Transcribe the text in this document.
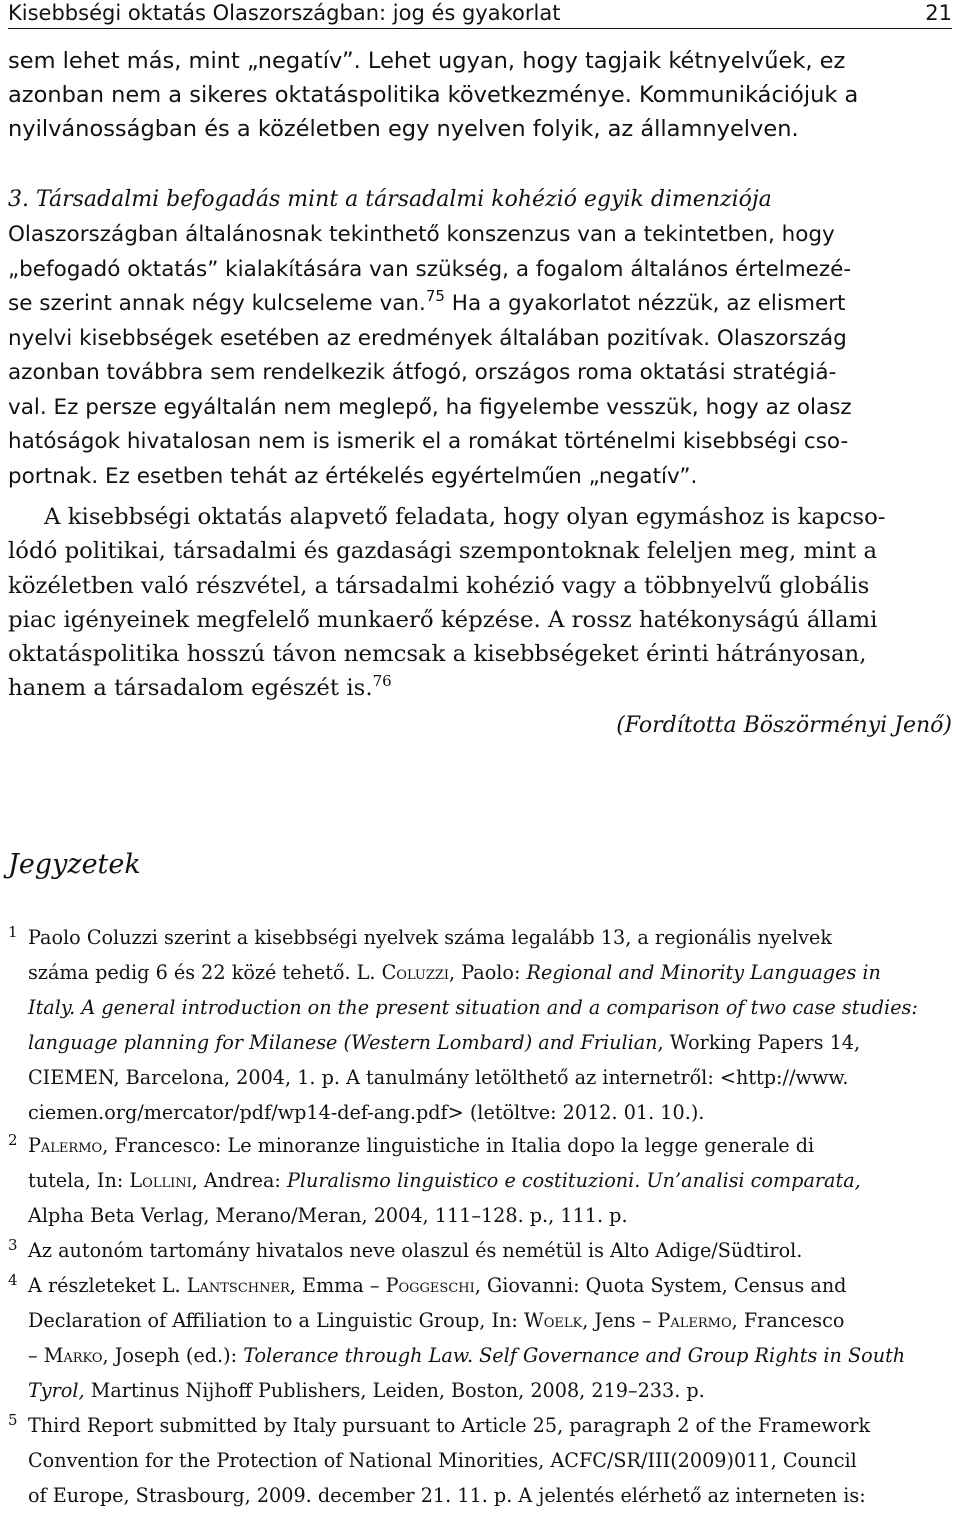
Kisebbségi oktatás Olaszországban: jog és gyakorlat	21

sem lehet más, mint „negatív”. Lehet ugyan, hogy tagjaik kétnyelvűek, ez
azonban nem a sikeres oktatáspolitika következménye. Kommunikációjuk a
nyilvánosságban és a közéletben egy nyelven folyik, az államnyelven.

3. Társadalmi befogadás mint a társadalmi kohézió egyik dimenziója

Olaszországban általánosnak tekinthető konszenzus van a tekintetben, hogy
„befogadó oktatás” kialakítására van szükség, a fogalom általános értelmezé-
se szerint annak négy kulcseleme van.$^{75}$ Ha a gyakorlatot nézzük, az elismert
nyelvi kisebbségek esetében az eredmények általában pozitívak. Olaszország
azonban továbbra sem rendelkezik átfogó, országos roma oktatási stratégiá-
val. Ez persze egyáltalán nem meglepő, ha figyelembe vesszük, hogy az olasz
hatóságok hivatalosan nem is ismerik el a romákat történelmi kisebbségi cso-
portnak. Ez esetben tehát az értékelés egyértelműen „negatív”.

A kisebbségi oktatás alapvető feladata, hogy olyan egymáshoz is kapcso-
lódó politikai, társadalmi és gazdasági szempontoknak feleljen meg, mint a
közéletben való részvétel, a társadalmi kohézió vagy a többnyelvű globális
piac igényeinek megfelelő munkaerő képzése. A rossz hatékonyságú állami
oktatáspolitika hosszú távon nemcsak a kisebbségeket érinti hátrányosan,
hanem a társadalom egészét is.$^{76}$

(Fordította Böszörményi Jenő)
Jegyzetek
1 Paolo Coluzzi szerint a kisebbségi nyelvek száma legalább 13, a regionális nyelvek
száma pedig 6 és 22 közé tehető. L. Coluzzi, Paolo: Regional and Minority Languages in
Italy. A general introduction on the present situation and a comparison of two case studies:
language planning for Milanese (Western Lombard) and Friulian, Working Papers 14,
CIEMEN, Barcelona, 2004, 1. p. A tanulmány letölthető az internetről: <http://www.
ciemen.org/mercator/pdf/wp14-def-ang.pdf> (letöltve: 2012. 01. 10.).
2 Palermo, Francesco: Le minoranze linguistiche in Italia dopo la legge generale di
tutela, In: Lollini, Andrea: Pluralismo linguistico e costituzioni. Un’analisi comparata,
Alpha Beta Verlag, Merano/Meran, 2004, 111–128. p., 111. p.
3 Az autonóm tartomány hivatalos neve olaszul és nemétül is Alto Adige/Südtirol.
4 A részleteket L. Lantschner, Emma – Poggeschi, Giovanni: Quota System, Census and
Declaration of Affiliation to a Linguistic Group, In: Woelk, Jens – Palermo, Francesco
– Marko, Joseph (ed.): Tolerance through Law. Self Governance and Group Rights in South
Tyrol, Martinus Nijhoff Publishers, Leiden, Boston, 2008, 219–233. p.
5 Third Report submitted by Italy pursuant to Article 25, paragraph 2 of the Framework
Convention for the Protection of National Minorities, ACFC/SR/III(2009)011, Council
of Europe, Strasbourg, 2009. december 21. 11. p. A jelentés elérhető az interneten is:
